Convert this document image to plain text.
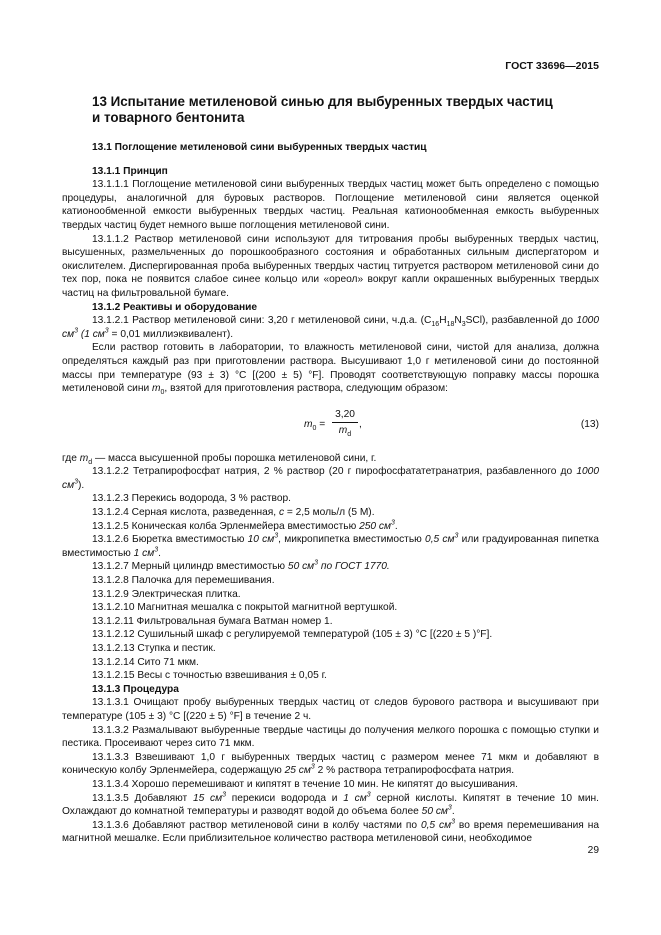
ГОСТ 33696—2015
13 Испытание метиленовой синью для выбуренных твердых частиц
и товарного бентонита
13.1 Поглощение метиленовой сини выбуренных твердых частиц
13.1.1 Принцип

13.1.1.1 Поглощение метиленовой сини выбуренных твердых частиц может быть определено с помощью процедуры, аналогичной для буровых растворов. Поглощение метиленовой сини является оценкой катионообменной емкости выбуренных твердых частиц. Реальная катионообменная емкость выбуренных твердых частиц будет немного выше поглощения метиленовой сини.

13.1.1.2 Раствор метиленовой сини используют для титрования пробы выбуренных твердых частиц, высушенных, размельченных до порошкообразного состояния и обработанных сильным диспергатором и окислителем. Диспергированная проба выбуренных твердых частиц титруется раствором метиленовой сини до тех пор, пока не появится слабое синее кольцо или «ореол» вокруг капли окрашенных выбуренных твердых частиц на фильтровальной бумаге.

13.1.2 Реактивы и оборудование

13.1.2.1 Раствор метиленовой сини: 3,20 г метиленовой сини, ч.д.а. $(C_{16}H_{18}N_3SCl)$, разбавленной до 1000 $см^3$ (1 $см^3 = 0,01$ миллиэквивалент).

Если раствор готовить в лаборатории, то влажность метиленовой сини, чистой для анализа, должна определяться каждый раз при приготовлении раствора. Высушивают 1,0 г метиленовой сини до постоянной массы при температуре (93 ± 3) °C [(200 ± 5) °F]. Проводят соответствующую поправку массы порошка метиленовой сини $m_0$, взятой для приготовления раствора, следующим образом:

$m_0 = \frac{3,20}{m_d}$ ,	(13)

где $m_d$ — масса высушенной пробы порошка метиленовой сини, г.

13.1.2.2 Тетрапирофосфат натрия, 2 % раствор (20 г пирофосфататетранатрия, разбавленного до 1000 $см^3$).

13.1.2.3 Перекись водорода, 3 % раствор.

13.1.2.4 Серная кислота, разведенная, c = 2,5 моль/л (5 М).

13.1.2.5 Коническая колба Эрленмейера вместимостью 250 $см^3$.

13.1.2.6 Бюретка вместимостью 10 $см^3$, микропипетка вместимостью 0,5 $см^3$ или градуированная пипетка вместимостью 1 $см^3$.

13.1.2.7 Мерный цилиндр вместимостью 50 $см^3$ по ГОСТ 1770.

13.1.2.8 Палочка для перемешивания.

13.1.2.9 Электрическая плитка.

13.1.2.10 Магнитная мешалка с покрытой магнитной вертушкой.

13.1.2.11 Фильтровальная бумага Ватман номер 1.

13.1.2.12 Сушильный шкаф с регулируемой температурой (105 ± 3) °C [(220 ± 5 )°F].

13.1.2.13 Ступка и пестик.

13.1.2.14 Сито 71 мкм.

13.1.2.15 Весы с точностью взвешивания ± 0,05 г.

13.1.3 Процедура

13.1.3.1 Очищают пробу выбуренных твердых частиц от следов бурового раствора и высушивают при температуре (105 ± 3) °C [(220 ± 5) °F] в течение 2 ч.

13.1.3.2 Размалывают выбуренные твердые частицы до получения мелкого порошка с помощью ступки и пестика. Просеивают через сито 71 мкм.

13.1.3.3 Взвешивают 1,0 г выбуренных твердых частиц с размером менее 71 мкм и добавляют в коническую колбу Эрленмейера, содержащую 25 $см^3$ 2 % раствора тетрапирофосфата натрия.

13.1.3.4 Хорошо перемешивают и кипятят в течение 10 мин. Не кипятят до высушивания.

13.1.3.5 Добавляют 15 $см^3$ перекиси водорода и 1 $см^3$ серной кислоты. Кипятят в течение 10 мин. Охлаждают до комнатной температуры и разводят водой до объема более 50 $см^3$.

13.1.3.6 Добавляют раствор метиленовой сини в колбу частями по 0,5 $см^3$ во время перемешивания на магнитной мешалке. Если приблизительное количество раствора метиленовой сини, необходимое

29
